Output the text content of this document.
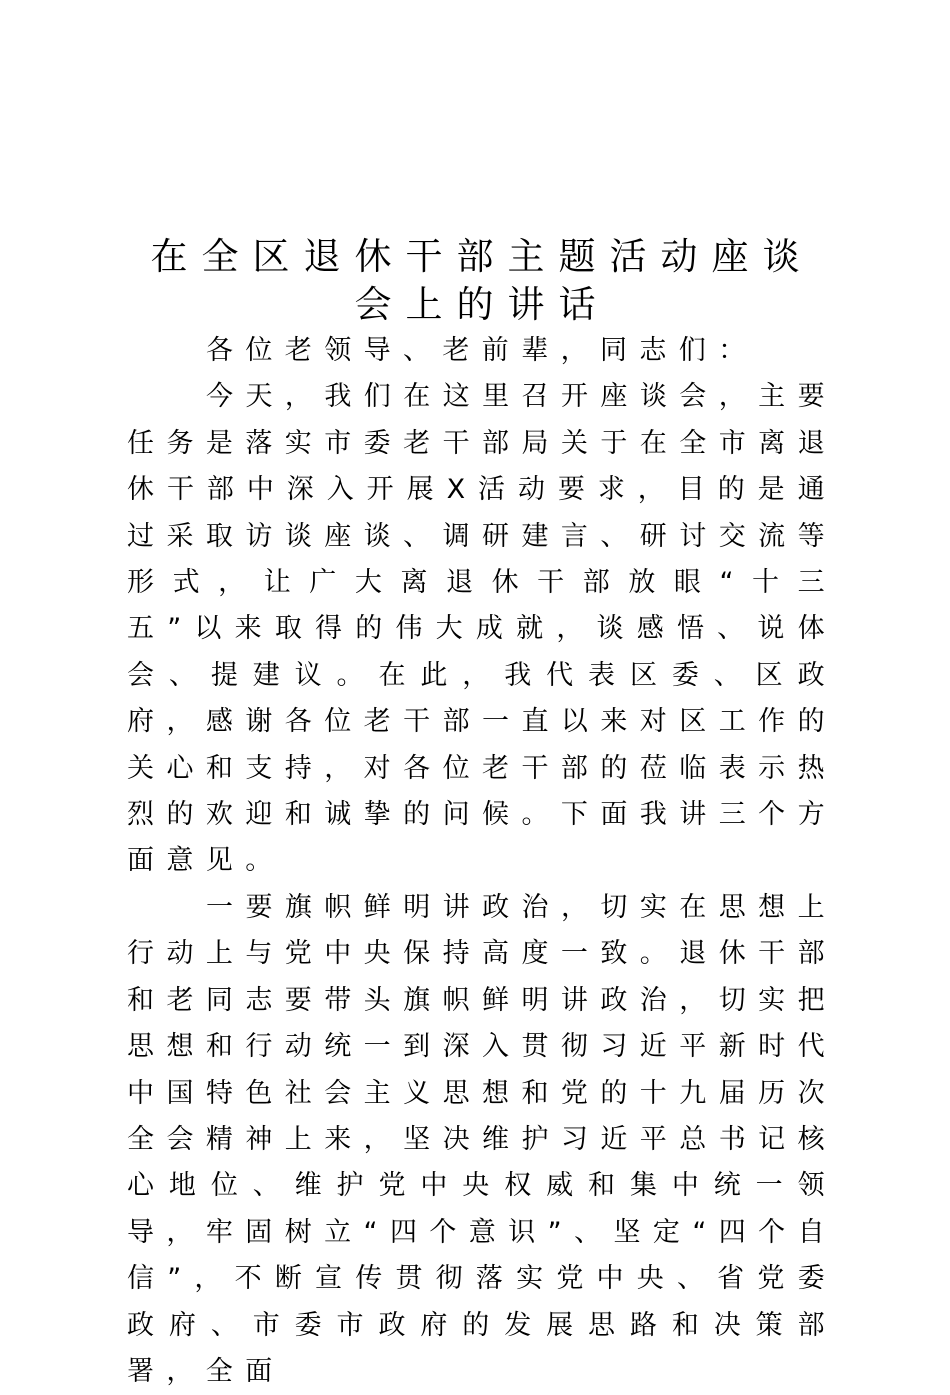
在全区退休干部主题活动座谈
会上的讲话

各位老领导、老前辈，同志们：

今天，我们在这里召开座谈会，主要任务是落实市委老干部局关于在全市离退休干部中深入开展X活动要求，目的是通过采取访谈座谈、调研建言、研讨交流等形式，让广大离退休干部放眼“十三五”以来取得的伟大成就，谈感悟、说体会、提建议。在此，我代表区委、区政府，感谢各位老干部一直以来对区工作的关心和支持，对各位老干部的莅临表示热烈的欢迎和诚挚的问候。下面我讲三个方面意见。

一要旗帜鲜明讲政治，切实在思想上行动上与党中央保持高度一致。退休干部和老同志要带头旗帜鲜明讲政治，切实把思想和行动统一到深入贯彻习近平新时代中国特色社会主义思想和党的十九届历次全会精神上来，坚决维护习近平总书记核心地位、维护党中央权威和集中统一领导，牢固树立“四个意识”、坚定“四个自信”，不断宣传贯彻落实党中央、省党委政府、市委市政府的发展思路和决策部署，全面
